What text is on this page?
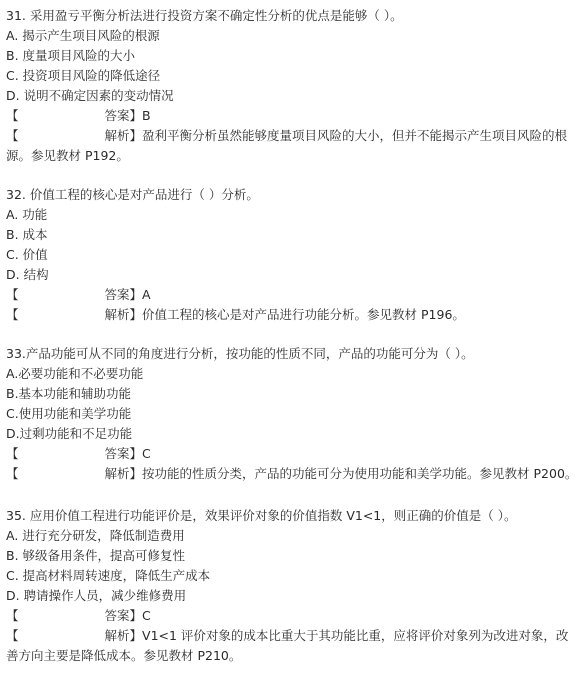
31. 采用盈亏平衡分析法进行投资方案不确定性分析的优点是能够（ ）。
A. 揭示产生项目风险的根源
B. 度量项目风险的大小
C. 投资项目风险的降低途径
D. 说明不确定因素的变动情况
【	答案】B
【	解析】盈利平衡分析虽然能够度量项目风险的大小，但并不能揭示产生项目风险的根源。参见教材 P192。
32. 价值工程的核心是对产品进行（ ）分析。
A. 功能
B. 成本
C. 价值
D. 结构
【	答案】A
【	解析】价值工程的核心是对产品进行功能分析。参见教材 P196。
33.产品功能可从不同的角度进行分析，按功能的性质不同，产品的功能可分为（ ）。
A.必要功能和不必要功能
B.基本功能和辅助功能
C.使用功能和美学功能
D.过剩功能和不足功能
【	答案】C
【	解析】按功能的性质分类，产品的功能可分为使用功能和美学功能。参见教材 P200。
35. 应用价值工程进行功能评价是，效果评价对象的价值指数 V1<1，则正确的价值是（ ）。
A. 进行充分研发，降低制造费用
B. 够级备用条件，提高可修复性
C. 提高材料周转速度，降低生产成本
D. 聘请操作人员，减少维修费用
【	答案】C
【	解析】V1<1 评价对象的成本比重大于其功能比重，应将评价对象列为改进对象，改善方向主要是降低成本。参见教材 P210。
